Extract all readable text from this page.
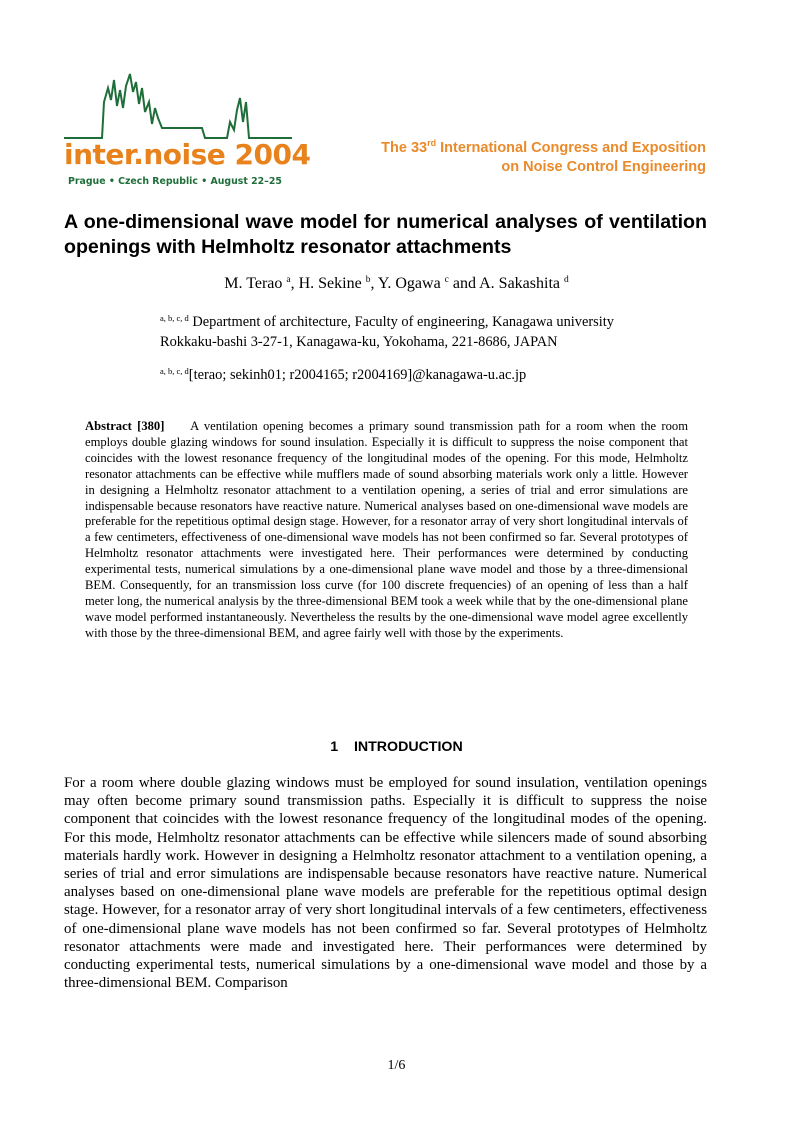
inter.noise 2004
Prague • Czech Republic • August 22–25
The 33rd International Congress and Exposition
on Noise Control Engineering
A one-dimensional wave model for numerical analyses of ventilation openings with Helmholtz resonator attachments
M. Terao $^a$, H. Sekine $^b$, Y. Ogawa $^c$ and A. Sakashita $^d$
$^{a, b, c, d}$ Department of architecture, Faculty of engineering, Kanagawa university
Rokkaku-bashi 3-27-1, Kanagawa-ku, Yokohama, 221-8686, JAPAN
$^{a, b, c, d}$[terao; sekinh01; r2004165; r2004169]@kanagawa-u.ac.jp

Abstract [380] A ventilation opening becomes a primary sound transmission path for a room when the room employs double glazing windows for sound insulation. Especially it is difficult to suppress the noise component that coincides with the lowest resonance frequency of the longitudinal modes of the opening. For this mode, Helmholtz resonator attachments can be effective while mufflers made of sound absorbing materials work only a little. However in designing a Helmholtz resonator attachment to a ventilation opening, a series of trial and error simulations are indispensable because resonators have reactive nature. Numerical analyses based on one-dimensional wave models are preferable for the repetitious optimal design stage. However, for a resonator array of very short longitudinal intervals of a few centimeters, effectiveness of one-dimensional wave models has not been confirmed so far. Several prototypes of Helmholtz resonator attachments were investigated here. Their performances were determined by conducting experimental tests, numerical simulations by a one-dimensional plane wave model and those by a three-dimensional BEM. Consequently, for an transmission loss curve (for 100 discrete frequencies) of an opening of less than a half meter long, the numerical analysis by the three-dimensional BEM took a week while that by the one-dimensional plane wave model performed instantaneously. Nevertheless the results by the one-dimensional wave model agree excellently with those by the three-dimensional BEM, and agree fairly well with those by the experiments.

1    INTRODUCTION

For a room where double glazing windows must be employed for sound insulation, ventilation openings may often become primary sound transmission paths. Especially it is difficult to suppress the noise component that coincides with the lowest resonance frequency of the longitudinal modes of the opening. For this mode, Helmholtz resonator attachments can be effective while silencers made of sound absorbing materials hardly work. However in designing a Helmholtz resonator attachment to a ventilation opening, a series of trial and error simulations are indispensable because resonators have reactive nature. Numerical analyses based on one-dimensional plane wave models are preferable for the repetitious optimal design stage. However, for a resonator array of very short longitudinal intervals of a few centimeters, effectiveness of one-dimensional plane wave models has not been confirmed so far. Several prototypes of Helmholtz resonator attachments were made and investigated here. Their performances were determined by conducting experimental tests, numerical simulations by a one-dimensional wave model and those by a three-dimensional BEM. Comparison

1/6
